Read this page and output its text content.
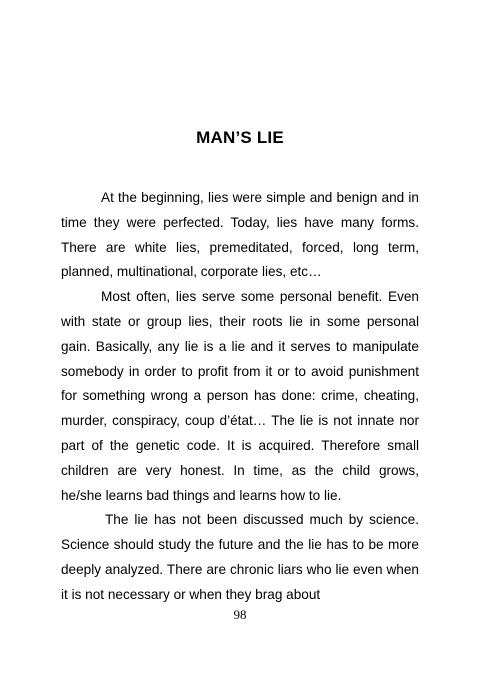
MAN’S LIE

At the beginning, lies were simple and benign and in time they were perfected. Today, lies have many forms. There are white lies, premeditated, forced, long term, planned, multinational, corporate lies, etc…

Most often, lies serve some personal benefit. Even with state or group lies, their roots lie in some personal gain. Basically, any lie is a lie and it serves to manipulate somebody in order to profit from it or to avoid punishment for something wrong a person has done: crime, cheating, murder, conspiracy, coup d’état… The lie is not innate nor part of the genetic code. It is acquired. Therefore small children are very honest. In time, as the child grows, he/she learns bad things and learns how to lie.

The lie has not been discussed much by science. Science should study the future and the lie has to be more deeply analyzed. There are chronic liars who lie even when it is not necessary or when they brag about

98
